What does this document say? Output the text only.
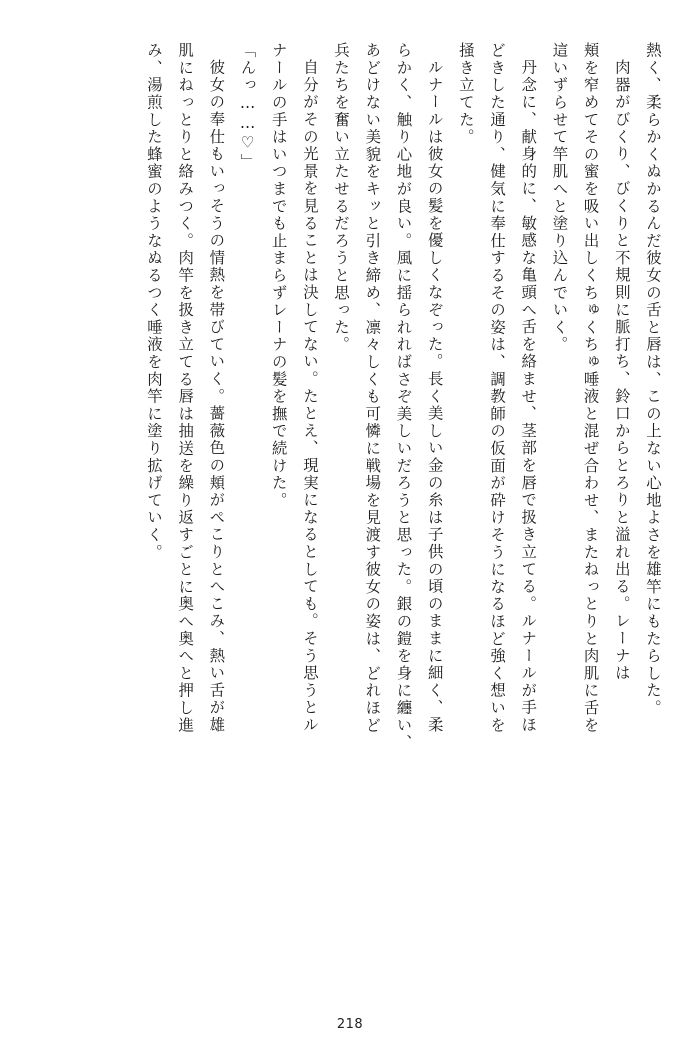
熱く、柔らかくぬかるんだ彼女の舌と唇は、この上ない心地よさを雄竿にもたらした。
肉器がびくり、びくりと不規則に脈打ち、鈴口からとろりと溢れ出る。レーナは
頬を窄めてその蜜を吸い出しくちゅくちゅ唾液と混ぜ合わせ、またねっとりと肉肌に舌を
這いずらせて竿肌へと塗り込んでいく。
丹念に、献身的に、敏感な亀頭へ舌を絡ませ、茎部を唇で扱き立てる。ルナールが手ほ
どきした通り、健気に奉仕するその姿は、調教師の仮面が砕けそうになるほど強く想いを
掻き立てた。
ルナールは彼女の髪を優しくなぞった。長く美しい金の糸は子供の頃のままに細く、柔
らかく、触り心地が良い。風に揺られればさぞ美しいだろうと思った。銀の鎧を身に纏い、
あどけない美貌をキッと引き締め、凛々しくも可憐に戦場を見渡す彼女の姿は、どれほど
兵たちを奮い立たせるだろうと思った。
自分がその光景を見ることは決してない。たとえ、現実になるとしても。そう思うとル
ナールの手はいつまでも止まらずレーナの髪を撫で続けた。
「んっ……♡」
彼女の奉仕もいっそうの情熱を帯びていく。薔薇色の頬がぺこりとへこみ、熱い舌が雄
肌にねっとりと絡みつく。肉竿を扱き立てる唇は抽送を繰り返すごとに奥へ奥へと押し進
み、湯煎した蜂蜜のようなぬるつく唾液を肉竿に塗り拡げていく。
218
